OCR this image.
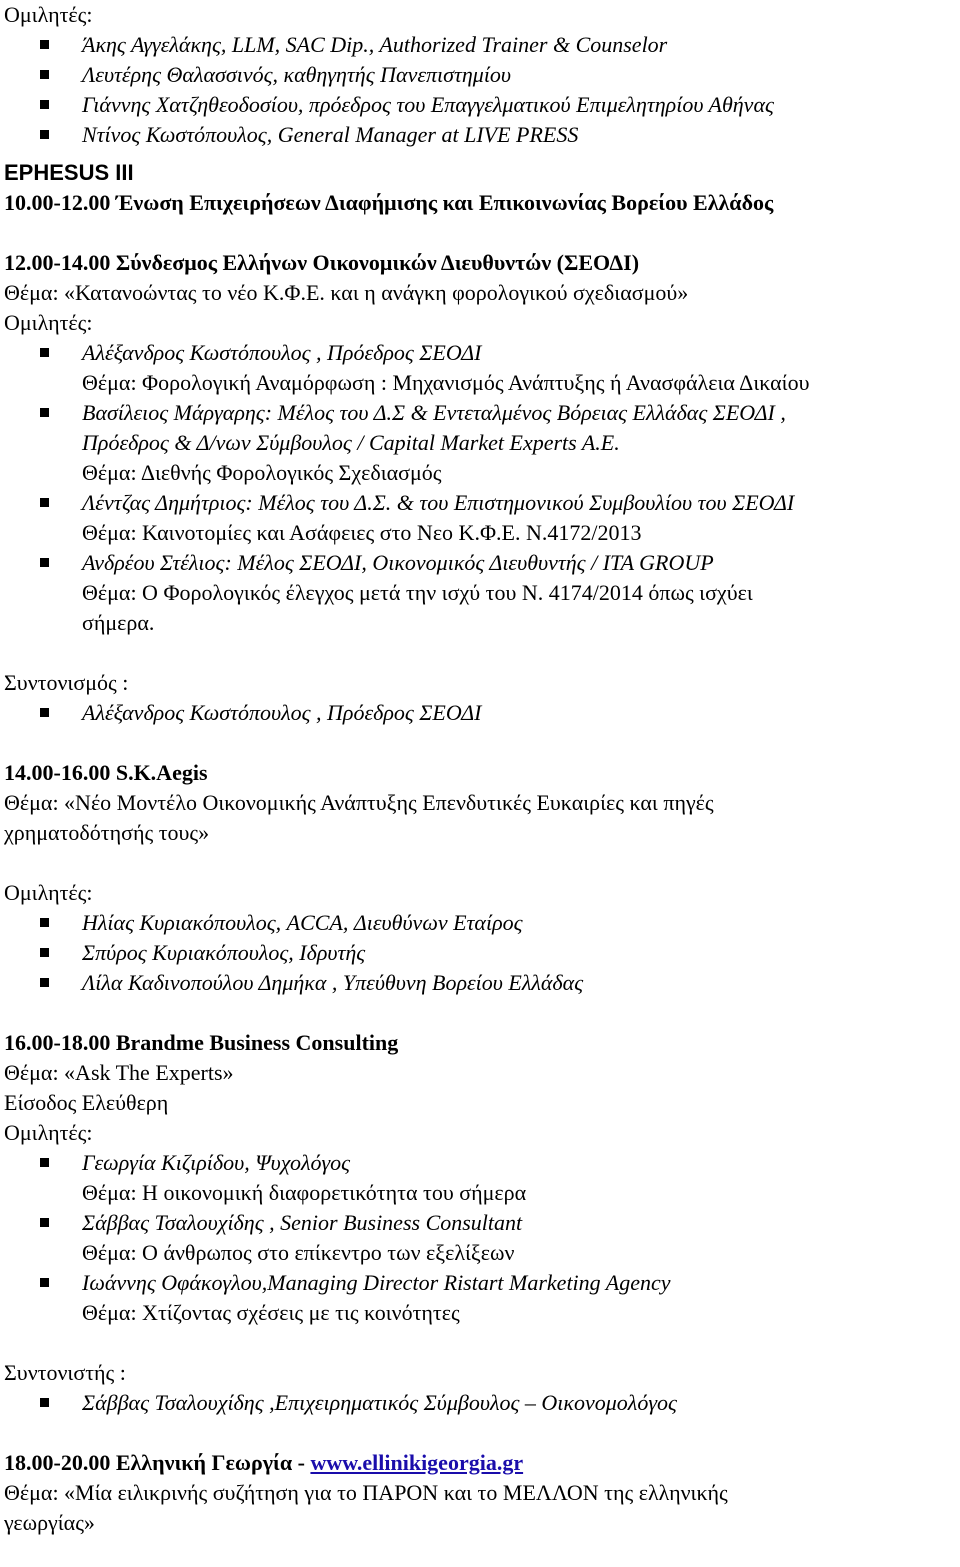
Ομιλητές:
Άκης Αγγελάκης, LLM, SAC Dip., Authorized Trainer & Counselor
Λευτέρης Θαλασσινός, καθηγητής Πανεπιστημίου
Γιάννης Χατζηθεοδοσίου, πρόεδρος του Επαγγελματικού Επιμελητηρίου Αθήνας
Ντίνος Κωστόπουλος, General Manager at LIVE PRESS
EPHESUS III
10.00-12.00 Ένωση Επιχειρήσεων Διαφήμισης και Επικοινωνίας Βορείου Ελλάδος
12.00-14.00 Σύνδεσμος Ελλήνων Οικονομικών Διευθυντών (ΣΕΟΔΙ)
Θέμα: «Κατανοώντας το νέο Κ.Φ.Ε. και η ανάγκη φορολογικού σχεδιασμού»
Ομιλητές:
Αλέξανδρος Κωστόπουλος , Πρόεδρος ΣΕΟΔΙ
Θέμα: Φορολογική Αναμόρφωση : Μηχανισμός Ανάπτυξης ή Ανασφάλεια Δικαίου
Βασίλειος Μάργαρης: Μέλος του Δ.Σ & Εντεταλμένος Βόρειας Ελλάδας ΣΕΟΔΙ ,
Πρόεδρος & Δ/νων Σύμβουλος / Capital Market Experts A.E.
Θέμα: Διεθνής Φορολογικός Σχεδιασμός
Λέντζας Δημήτριος: Μέλος του Δ.Σ. & του Επιστημονικού Συμβουλίου του ΣΕΟΔΙ
Θέμα: Καινοτομίες και Ασάφειες στο Νεο Κ.Φ.Ε. Ν.4172/2013
Ανδρέου Στέλιος: Μέλος ΣΕΟΔΙ, Οικονομικός Διευθυντής / ITA GROUP
Θέμα: Ο Φορολογικός έλεγχος μετά την ισχύ του Ν. 4174/2014 όπως ισχύει
σήμερα.
Συντονισμός :
Αλέξανδρος Κωστόπουλος , Πρόεδρος ΣΕΟΔΙ
14.00-16.00 S.K.Aegis
Θέμα: «Νέο Μοντέλο Οικονομικής Ανάπτυξης Επενδυτικές Ευκαιρίες και πηγές
χρηματοδότησής τους»
Ομιλητές:
Ηλίας Κυριακόπουλος, ACCA, Διευθύνων Εταίρος
Σπύρος Κυριακόπουλος, Ιδρυτής
Λίλα Καδινοπούλου Δημήκα , Υπεύθυνη Βορείου Ελλάδας
16.00-18.00 Brandme Business Consulting
Θέμα: «Ask The Experts»
Είσοδος Ελεύθερη
Ομιλητές:
Γεωργία Κιζιρίδου, Ψυχολόγος
Θέμα: Η οικονομική διαφορετικότητα του σήμερα
Σάββας Τσαλουχίδης , Senior Business Consultant
Θέμα: Ο άνθρωπος στο επίκεντρο των εξελίξεων
Ιωάννης Οφάκογλου,Managing Director Ristart Marketing Agency
Θέμα: Χτίζοντας σχέσεις με τις κοινότητες
Συντονιστής :
Σάββας Τσαλουχίδης ,Επιχειρηματικός Σύμβουλος – Οικονομολόγος
18.00-20.00 Ελληνική Γεωργία - www.ellinikigeorgia.gr
Θέμα: «Μία ειλικρινής συζήτηση για το ΠΑΡΟΝ και το ΜΕΛΛΟΝ της ελληνικής
γεωργίας»
